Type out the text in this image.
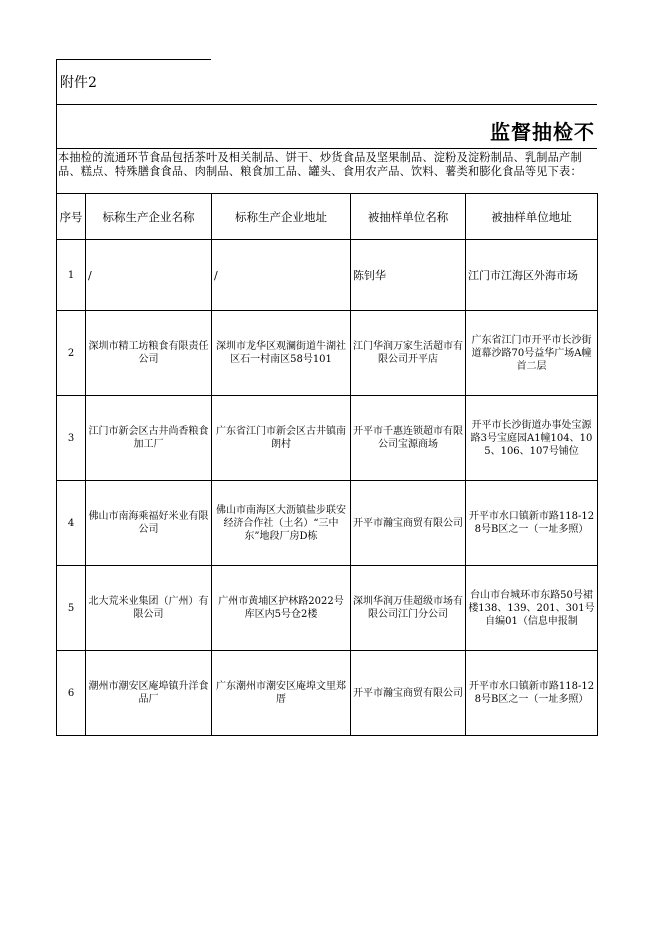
附件2
监督抽检不
本抽检的流通环节食品包括茶叶及相关制品、饼干、炒货食品及坚果制品、淀粉及淀粉制品、乳制品产制品、糕点、特殊膳食食品、肉制品、粮食加工品、罐头、食用农产品、饮料、薯类和膨化食品等见下表：
序号	标称生产企业名称	标称生产企业地址	被抽样单位名称	被抽样单位地址
1	/	/	陈钊华	江门市江海区外海市场
2	深圳市精工坊粮食有限责任公司	深圳市龙华区观澜街道牛湖社区石一村南区58号101	江门华润万家生活超市有限公司开平店	广东省江门市开平市长沙街道幕沙路70号益华广场A幢首二层
3	江门市新会区古井尚香粮食加工厂	广东省江门市新会区古井镇南朗村	开平市千惠连锁超市有限公司宝源商场	开平市长沙街道办事处宝源路3号宝庭园A1幢104、105、106、107号铺位
4	佛山市南海乘福好米业有限公司	佛山市南海区大沥镇盐步联安经济合作社（土名）“三中东”地段厂房D栋	开平市瀚宝商贸有限公司	开平市水口镇新市路118-128号B区之一（一址多照）
5	北大荒米业集团（广州）有限公司	广州市黄埔区护林路2022号库区内5号仓2楼	深圳华润万佳超级市场有限公司江门分公司	台山市台城环市东路50号裙楼138、139、201、301号自编01（信息申报制
6	潮州市潮安区庵埠镇升洋食品厂	广东潮州市潮安区庵埠文里郑厝	开平市瀚宝商贸有限公司	开平市水口镇新市路118-128号B区之一（一址多照）
